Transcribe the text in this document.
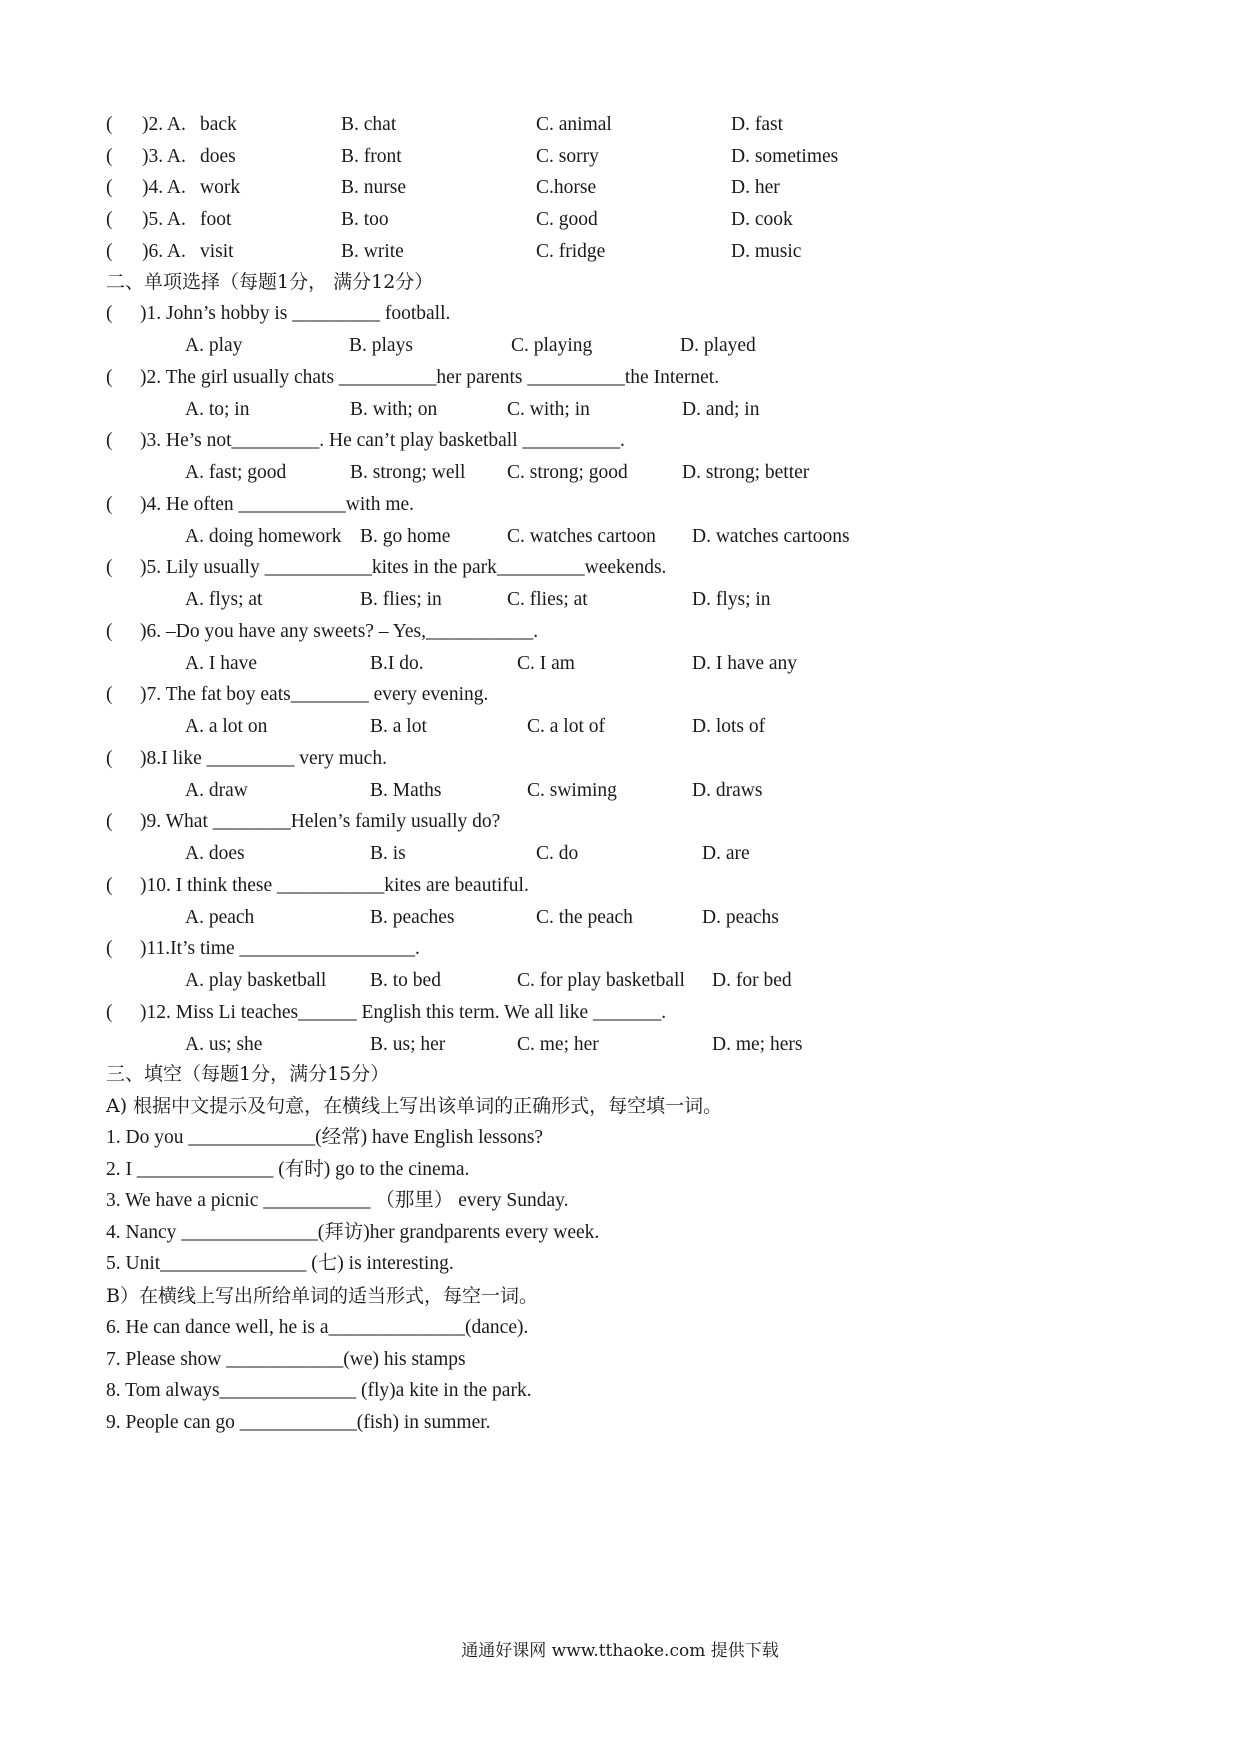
( )2. A. back	B. chat	C. animal	D. fast
( )3. A. does	B. front	C. sorry	D. sometimes
( )4. A. work	B. nurse	C.horse	D. her
( )5. A. foot	B. too	C. good	D. cook
( )6. A. visit	B. write	C. fridge	D. music
二、单项选择（每题1分， 满分12分）
( )1. John’s hobby is _________ football.
A. play	B. plays	C. playing	D. played
( )2. The girl usually chats __________her parents __________the Internet.
A. to; in	B. with; on	C. with; in	D. and; in
( )3. He’s not_________. He can’t play basketball __________.
A. fast; good	B. strong; well C. strong; good	D. strong; better
( )4. He often ___________with me.
A. doing homework B. go home	C. watches cartoon D. watches cartoons
( )5. Lily usually ___________kites in the park_________weekends.
A. flys; at	B. flies; in	C. flies; at	D. flys; in
( )6. –Do you have any sweets? – Yes,___________.
A. I have	B.I do.	C. I am	D. I have any
( )7. The fat boy eats________ every evening.
A. a lot on	B. a lot	C. a lot of	D. lots of
( )8.I like _________ very much.
A. draw	B. Maths	C. swiming	D. draws
( )9. What ________Helen’s family usually do?
A. does	B. is	C. do	D. are
( )10. I think these ___________kites are beautiful.
A. peach	B. peaches	C. the peach	D. peachs
( )11.It’s time __________________.
A. play basketball B. to bed	C. for play basketball D. for bed
( )12. Miss Li teaches______ English this term. We all like _______.
A. us; she	B. us; her	C. me; her	D. me; hers
三、填空（每题1分，满分15分）
A) 根据中文提示及句意，在横线上写出该单词的正确形式，每空填一词。
1. Do you _____________(经常) have English lessons?
2. I ______________ (有时) go to the cinema.
3. We have a picnic ___________ （那里） every Sunday.
4. Nancy ______________(拜访)her grandparents every week.
5. Unit_______________ (七) is interesting.
B）在横线上写出所给单词的适当形式，每空一词。
6. He can dance well, he is a______________(dance).
7. Please show ____________(we) his stamps
8. Tom always______________ (fly)a kite in the park.
9. People can go ____________(fish) in summer.
通通好课网 www.tthaoke.com 提供下载
